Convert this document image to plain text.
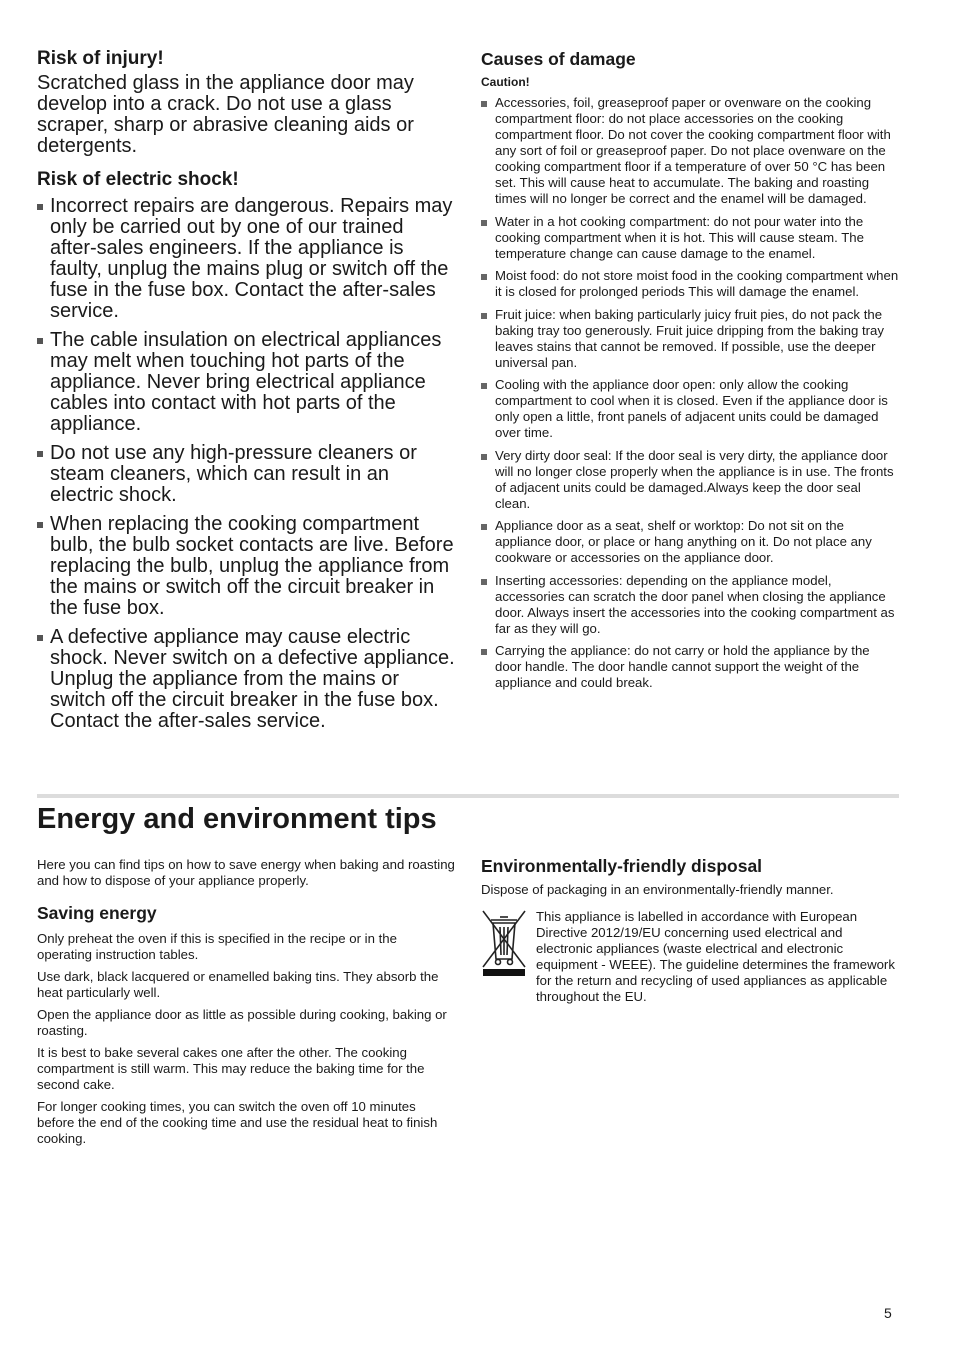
Risk of injury!

Scratched glass in the appliance door may develop into a crack. Do not use a glass scraper, sharp or abrasive cleaning aids or detergents.

Risk of electric shock!
Incorrect repairs are dangerous. Repairs may only be carried out by one of our trained after-sales engineers. If the appliance is faulty, unplug the mains plug or switch off the fuse in the fuse box. Contact the after-sales service.
The cable insulation on electrical appliances may melt when touching hot parts of the appliance. Never bring electrical appliance cables into contact with hot parts of the appliance.
Do not use any high-pressure cleaners or steam cleaners, which can result in an electric shock.
When replacing the cooking compartment bulb, the bulb socket contacts are live. Before replacing the bulb, unplug the appliance from the mains or switch off the circuit breaker in the fuse box.
A defective appliance may cause electric shock. Never switch on a defective appliance. Unplug the appliance from the mains or switch off the circuit breaker in the fuse box. Contact the after-sales service.
Causes of damage
Caution!
Accessories, foil, greaseproof paper or ovenware on the cooking compartment floor: do not place accessories on the cooking compartment floor. Do not cover the cooking compartment floor with any sort of foil or greaseproof paper. Do not place ovenware on the cooking compartment floor if a temperature of over 50 °C has been set. This will cause heat to accumulate. The baking and roasting times will no longer be correct and the enamel will be damaged.
Water in a hot cooking compartment: do not pour water into the cooking compartment when it is hot. This will cause steam. The temperature change can cause damage to the enamel.
Moist food: do not store moist food in the cooking compartment when it is closed for prolonged periods This will damage the enamel.
Fruit juice: when baking particularly juicy fruit pies, do not pack the baking tray too generously. Fruit juice dripping from the baking tray leaves stains that cannot be removed. If possible, use the deeper universal pan.
Cooling with the appliance door open: only allow the cooking compartment to cool when it is closed. Even if the appliance door is only open a little, front panels of adjacent units could be damaged over time.
Very dirty door seal: If the door seal is very dirty, the appliance door will no longer close properly when the appliance is in use. The fronts of adjacent units could be damaged.Always keep the door seal clean.
Appliance door as a seat, shelf or worktop: Do not sit on the appliance door, or place or hang anything on it. Do not place any cookware or accessories on the appliance door.
Inserting accessories: depending on the appliance model, accessories can scratch the door panel when closing the appliance door. Always insert the accessories into the cooking compartment as far as they will go.
Carrying the appliance: do not carry or hold the appliance by the door handle. The door handle cannot support the weight of the appliance and could break.
Energy and environment tips

Here you can find tips on how to save energy when baking and roasting and how to dispose of your appliance properly.

Saving energy

Only preheat the oven if this is specified in the recipe or in the operating instruction tables.

Use dark, black lacquered or enamelled baking tins. They absorb the heat particularly well.

Open the appliance door as little as possible during cooking, baking or roasting.

It is best to bake several cakes one after the other. The cooking compartment is still warm. This may reduce the baking time for the second cake.

For longer cooking times, you can switch the oven off 10 minutes before the end of the cooking time and use the residual heat to finish cooking.

Environmentally-friendly disposal

Dispose of packaging in an environmentally-friendly manner.

This appliance is labelled in accordance with European Directive 2012/19/EU concerning used electrical and electronic appliances (waste electrical and electronic equipment - WEEE). The guideline determines the framework for the return and recycling of used appliances as applicable throughout the EU.

5
